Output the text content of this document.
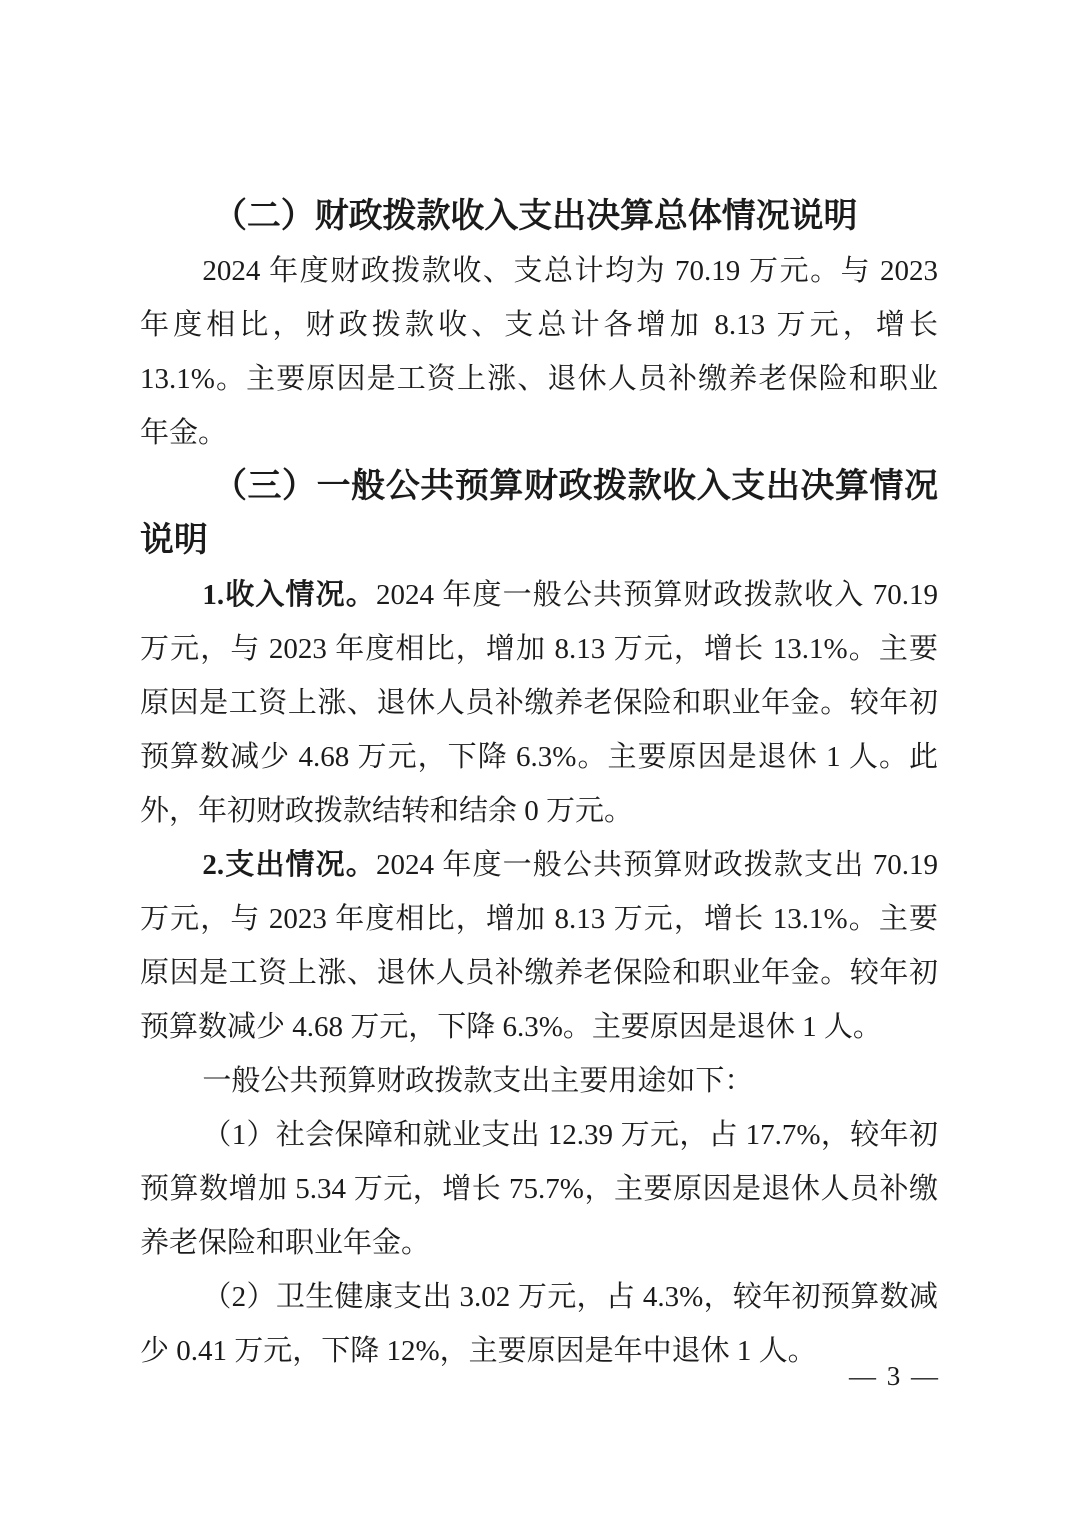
（二）财政拨款收入支出决算总体情况说明

2024 年度财政拨款收、支总计均为 70.19 万元。与 2023 年度相比，财政拨款收、支总计各增加 8.13 万元，增长 13.1%。主要原因是工资上涨、退休人员补缴养老保险和职业年金。

（三）一般公共预算财政拨款收入支出决算情况说明

1.收入情况。2024 年度一般公共预算财政拨款收入 70.19 万元，与 2023 年度相比，增加 8.13 万元，增长 13.1%。主要原因是工资上涨、退休人员补缴养老保险和职业年金。较年初预算数减少 4.68 万元，下降 6.3%。主要原因是退休 1 人。此外，年初财政拨款结转和结余 0 万元。

2.支出情况。2024 年度一般公共预算财政拨款支出 70.19 万元，与 2023 年度相比，增加 8.13 万元，增长 13.1%。主要原因是工资上涨、退休人员补缴养老保险和职业年金。较年初预算数减少 4.68 万元，下降 6.3%。主要原因是退休 1 人。

一般公共预算财政拨款支出主要用途如下：

（1）社会保障和就业支出 12.39 万元，占 17.7%，较年初预算数增加 5.34 万元，增长 75.7%，主要原因是退休人员补缴养老保险和职业年金。

（2）卫生健康支出 3.02 万元，占 4.3%，较年初预算数减少 0.41 万元，下降 12%，主要原因是年中退休 1 人。

— 3 —
